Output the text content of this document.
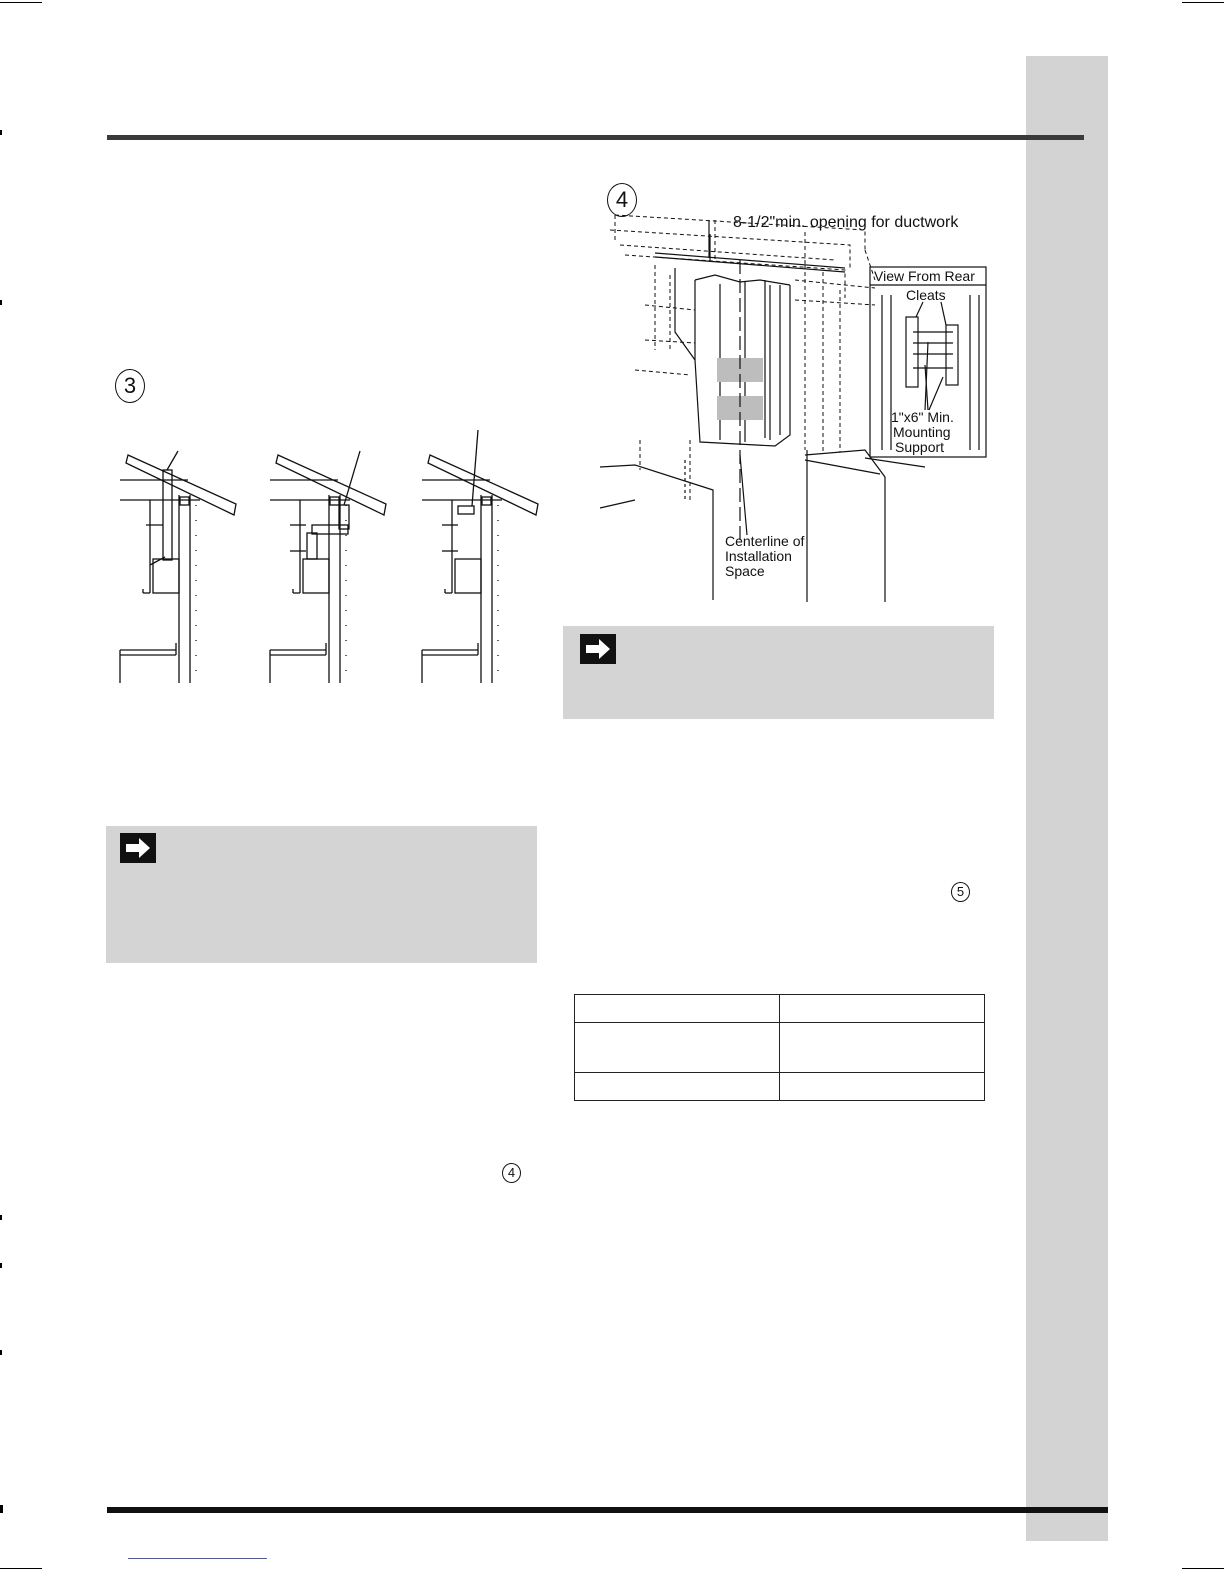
3
4
8-1/2"min. opening for ductwork
View From Rear
Cleats
1"x6" Min.
Mounting
Support
Centerline of
Installation
Space
4
5
